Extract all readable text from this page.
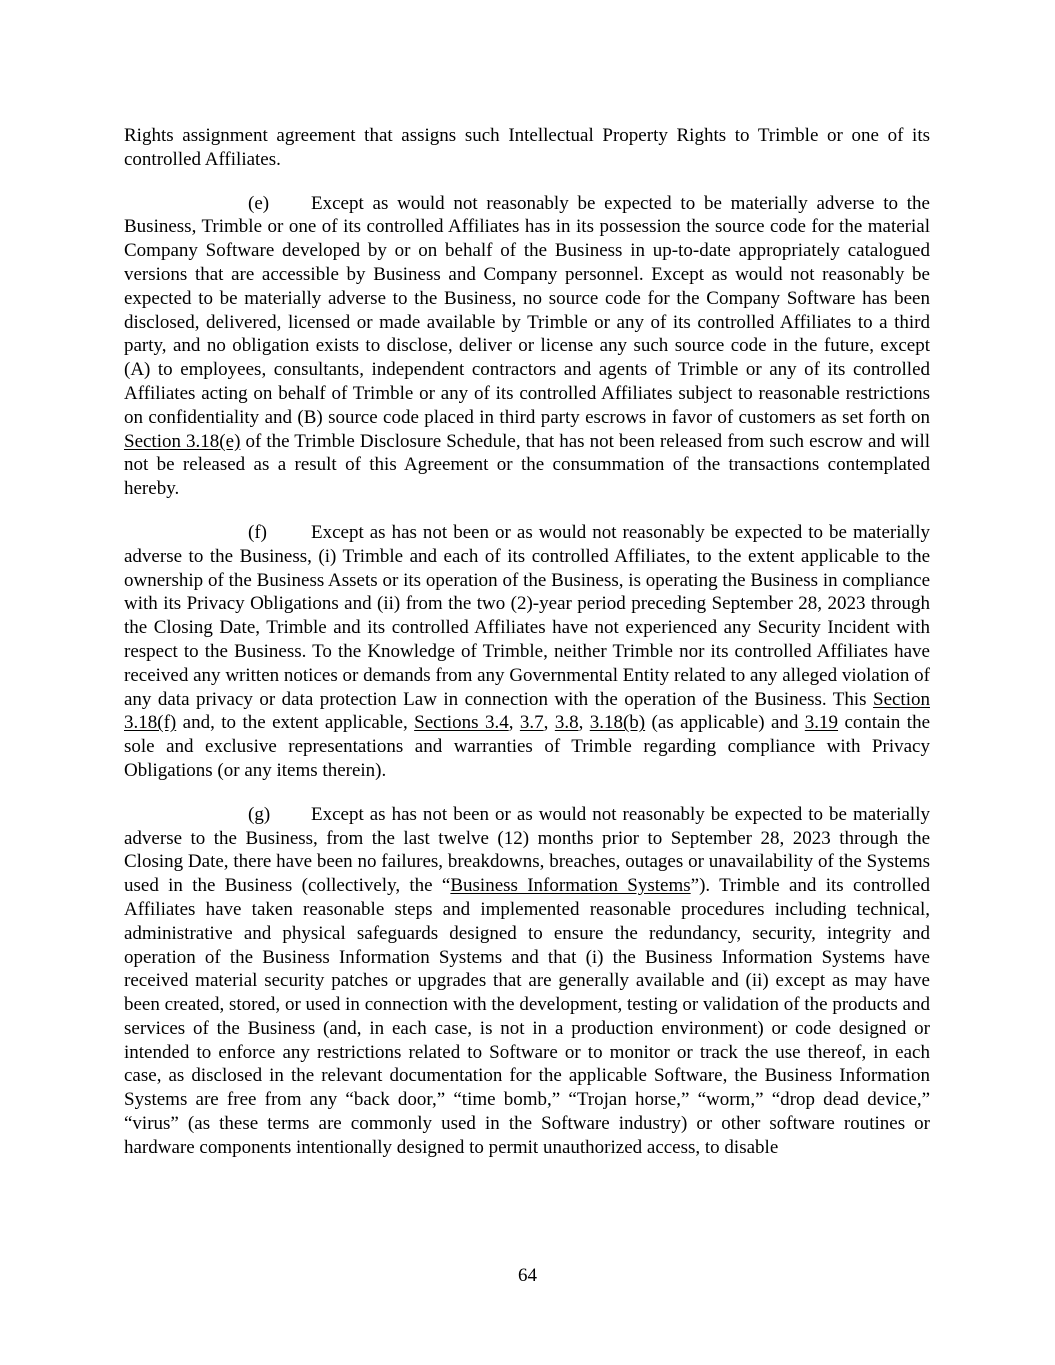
Rights assignment agreement that assigns such Intellectual Property Rights to Trimble or one of its controlled Affiliates.

(e) Except as would not reasonably be expected to be materially adverse to the Business, Trimble or one of its controlled Affiliates has in its possession the source code for the material Company Software developed by or on behalf of the Business in up-to-date appropriately catalogued versions that are accessible by Business and Company personnel. Except as would not reasonably be expected to be materially adverse to the Business, no source code for the Company Software has been disclosed, delivered, licensed or made available by Trimble or any of its controlled Affiliates to a third party, and no obligation exists to disclose, deliver or license any such source code in the future, except (A) to employees, consultants, independent contractors and agents of Trimble or any of its controlled Affiliates acting on behalf of Trimble or any of its controlled Affiliates subject to reasonable restrictions on confidentiality and (B) source code placed in third party escrows in favor of customers as set forth on Section 3.18(e) of the Trimble Disclosure Schedule, that has not been released from such escrow and will not be released as a result of this Agreement or the consummation of the transactions contemplated hereby.

(f) Except as has not been or as would not reasonably be expected to be materially adverse to the Business, (i) Trimble and each of its controlled Affiliates, to the extent applicable to the ownership of the Business Assets or its operation of the Business, is operating the Business in compliance with its Privacy Obligations and (ii) from the two (2)-year period preceding September 28, 2023 through the Closing Date, Trimble and its controlled Affiliates have not experienced any Security Incident with respect to the Business. To the Knowledge of Trimble, neither Trimble nor its controlled Affiliates have received any written notices or demands from any Governmental Entity related to any alleged violation of any data privacy or data protection Law in connection with the operation of the Business. This Section 3.18(f) and, to the extent applicable, Sections 3.4, 3.7, 3.8, 3.18(b) (as applicable) and 3.19 contain the sole and exclusive representations and warranties of Trimble regarding compliance with Privacy Obligations (or any items therein).

(g) Except as has not been or as would not reasonably be expected to be materially adverse to the Business, from the last twelve (12) months prior to September 28, 2023 through the Closing Date, there have been no failures, breakdowns, breaches, outages or unavailability of the Systems used in the Business (collectively, the “Business Information Systems”). Trimble and its controlled Affiliates have taken reasonable steps and implemented reasonable procedures including technical, administrative and physical safeguards designed to ensure the redundancy, security, integrity and operation of the Business Information Systems and that (i) the Business Information Systems have received material security patches or upgrades that are generally available and (ii) except as may have been created, stored, or used in connection with the development, testing or validation of the products and services of the Business (and, in each case, is not in a production environment) or code designed or intended to enforce any restrictions related to Software or to monitor or track the use thereof, in each case, as disclosed in the relevant documentation for the applicable Software, the Business Information Systems are free from any “back door,” “time bomb,” “Trojan horse,” “worm,” “drop dead device,” “virus” (as these terms are commonly used in the Software industry) or other software routines or hardware components intentionally designed to permit unauthorized access, to disable

64
